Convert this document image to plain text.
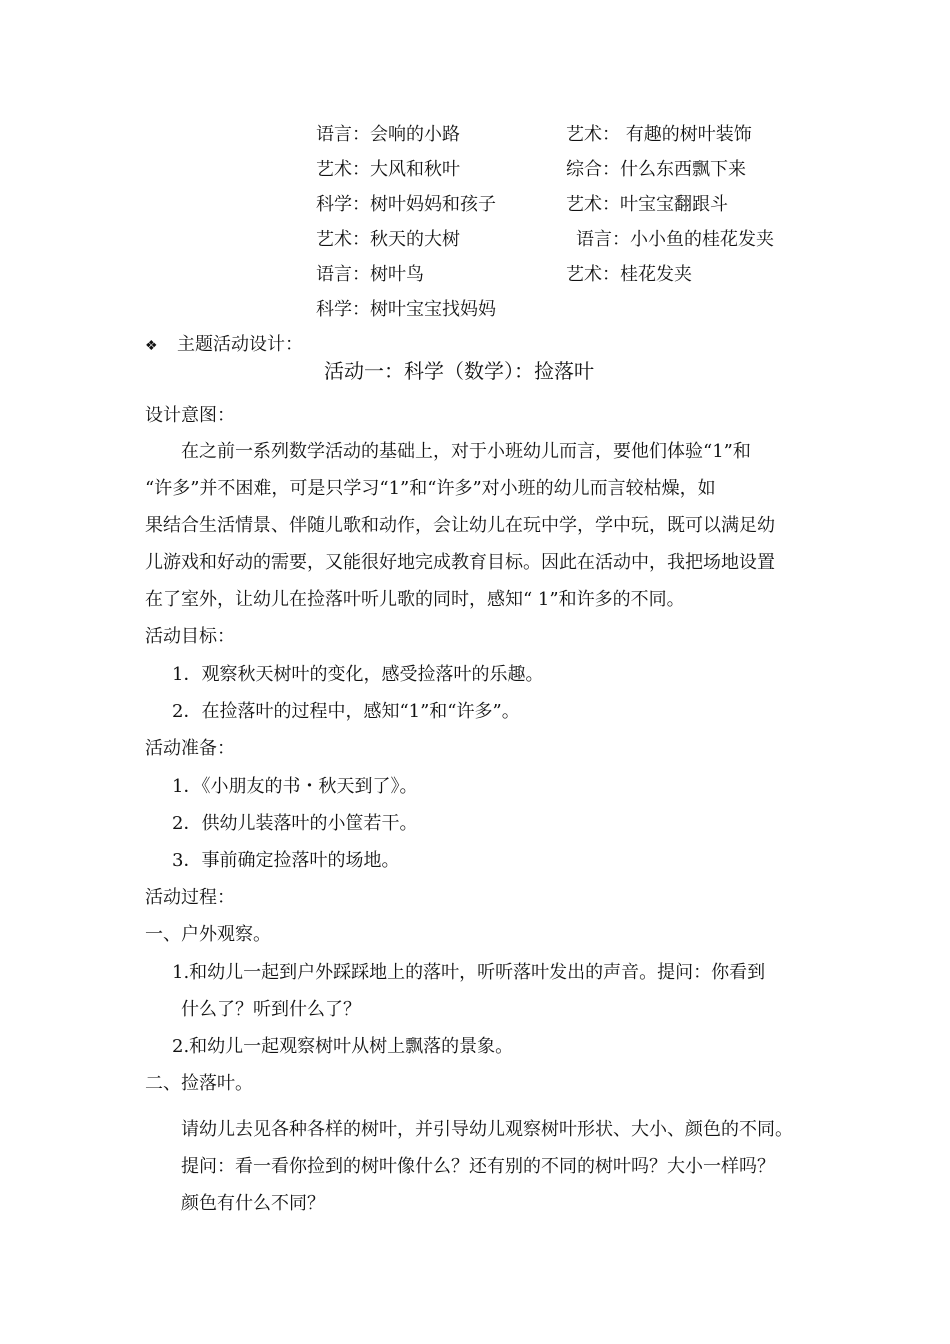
语言：会响的小路	艺术： 有趣的树叶装饰
艺术：大风和秋叶	综合：什么东西飘下来
科学：树叶妈妈和孩子	艺术：叶宝宝翻跟斗
艺术：秋天的大树	语言：小小鱼的桂花发夹
语言：树叶鸟	艺术：桂花发夹
科学：树叶宝宝找妈妈
❖ 主题活动设计：
活动一：科学（数学）：捡落叶
设计意图：
在之前一系列数学活动的基础上，对于小班幼儿而言，要他们体验“1”和
“许多”并不困难，可是只学习“1”和“许多”对小班的幼儿而言较枯燥，如
果结合生活情景、伴随儿歌和动作，会让幼儿在玩中学，学中玩，既可以满足幼
儿游戏和好动的需要，又能很好地完成教育目标。因此在活动中，我把场地设置
在了室外，让幼儿在捡落叶听儿歌的同时，感知“ 1”和许多的不同。
活动目标：
1．观察秋天树叶的变化，感受捡落叶的乐趣。
2．在捡落叶的过程中，感知“1”和“许多”。
活动准备：
1．《小朋友的书・秋天到了》。
2．供幼儿装落叶的小筐若干。
3．事前确定捡落叶的场地。
活动过程：
一、户外观察。
1.和幼儿一起到户外踩踩地上的落叶，听听落叶发出的声音。提问：你看到
什么了？听到什么了？
2.和幼儿一起观察树叶从树上飘落的景象。
二、捡落叶。
请幼儿去见各种各样的树叶，并引导幼儿观察树叶形状、大小、颜色的不同。
提问：看一看你捡到的树叶像什么？还有别的不同的树叶吗？大小一样吗？
颜色有什么不同？
